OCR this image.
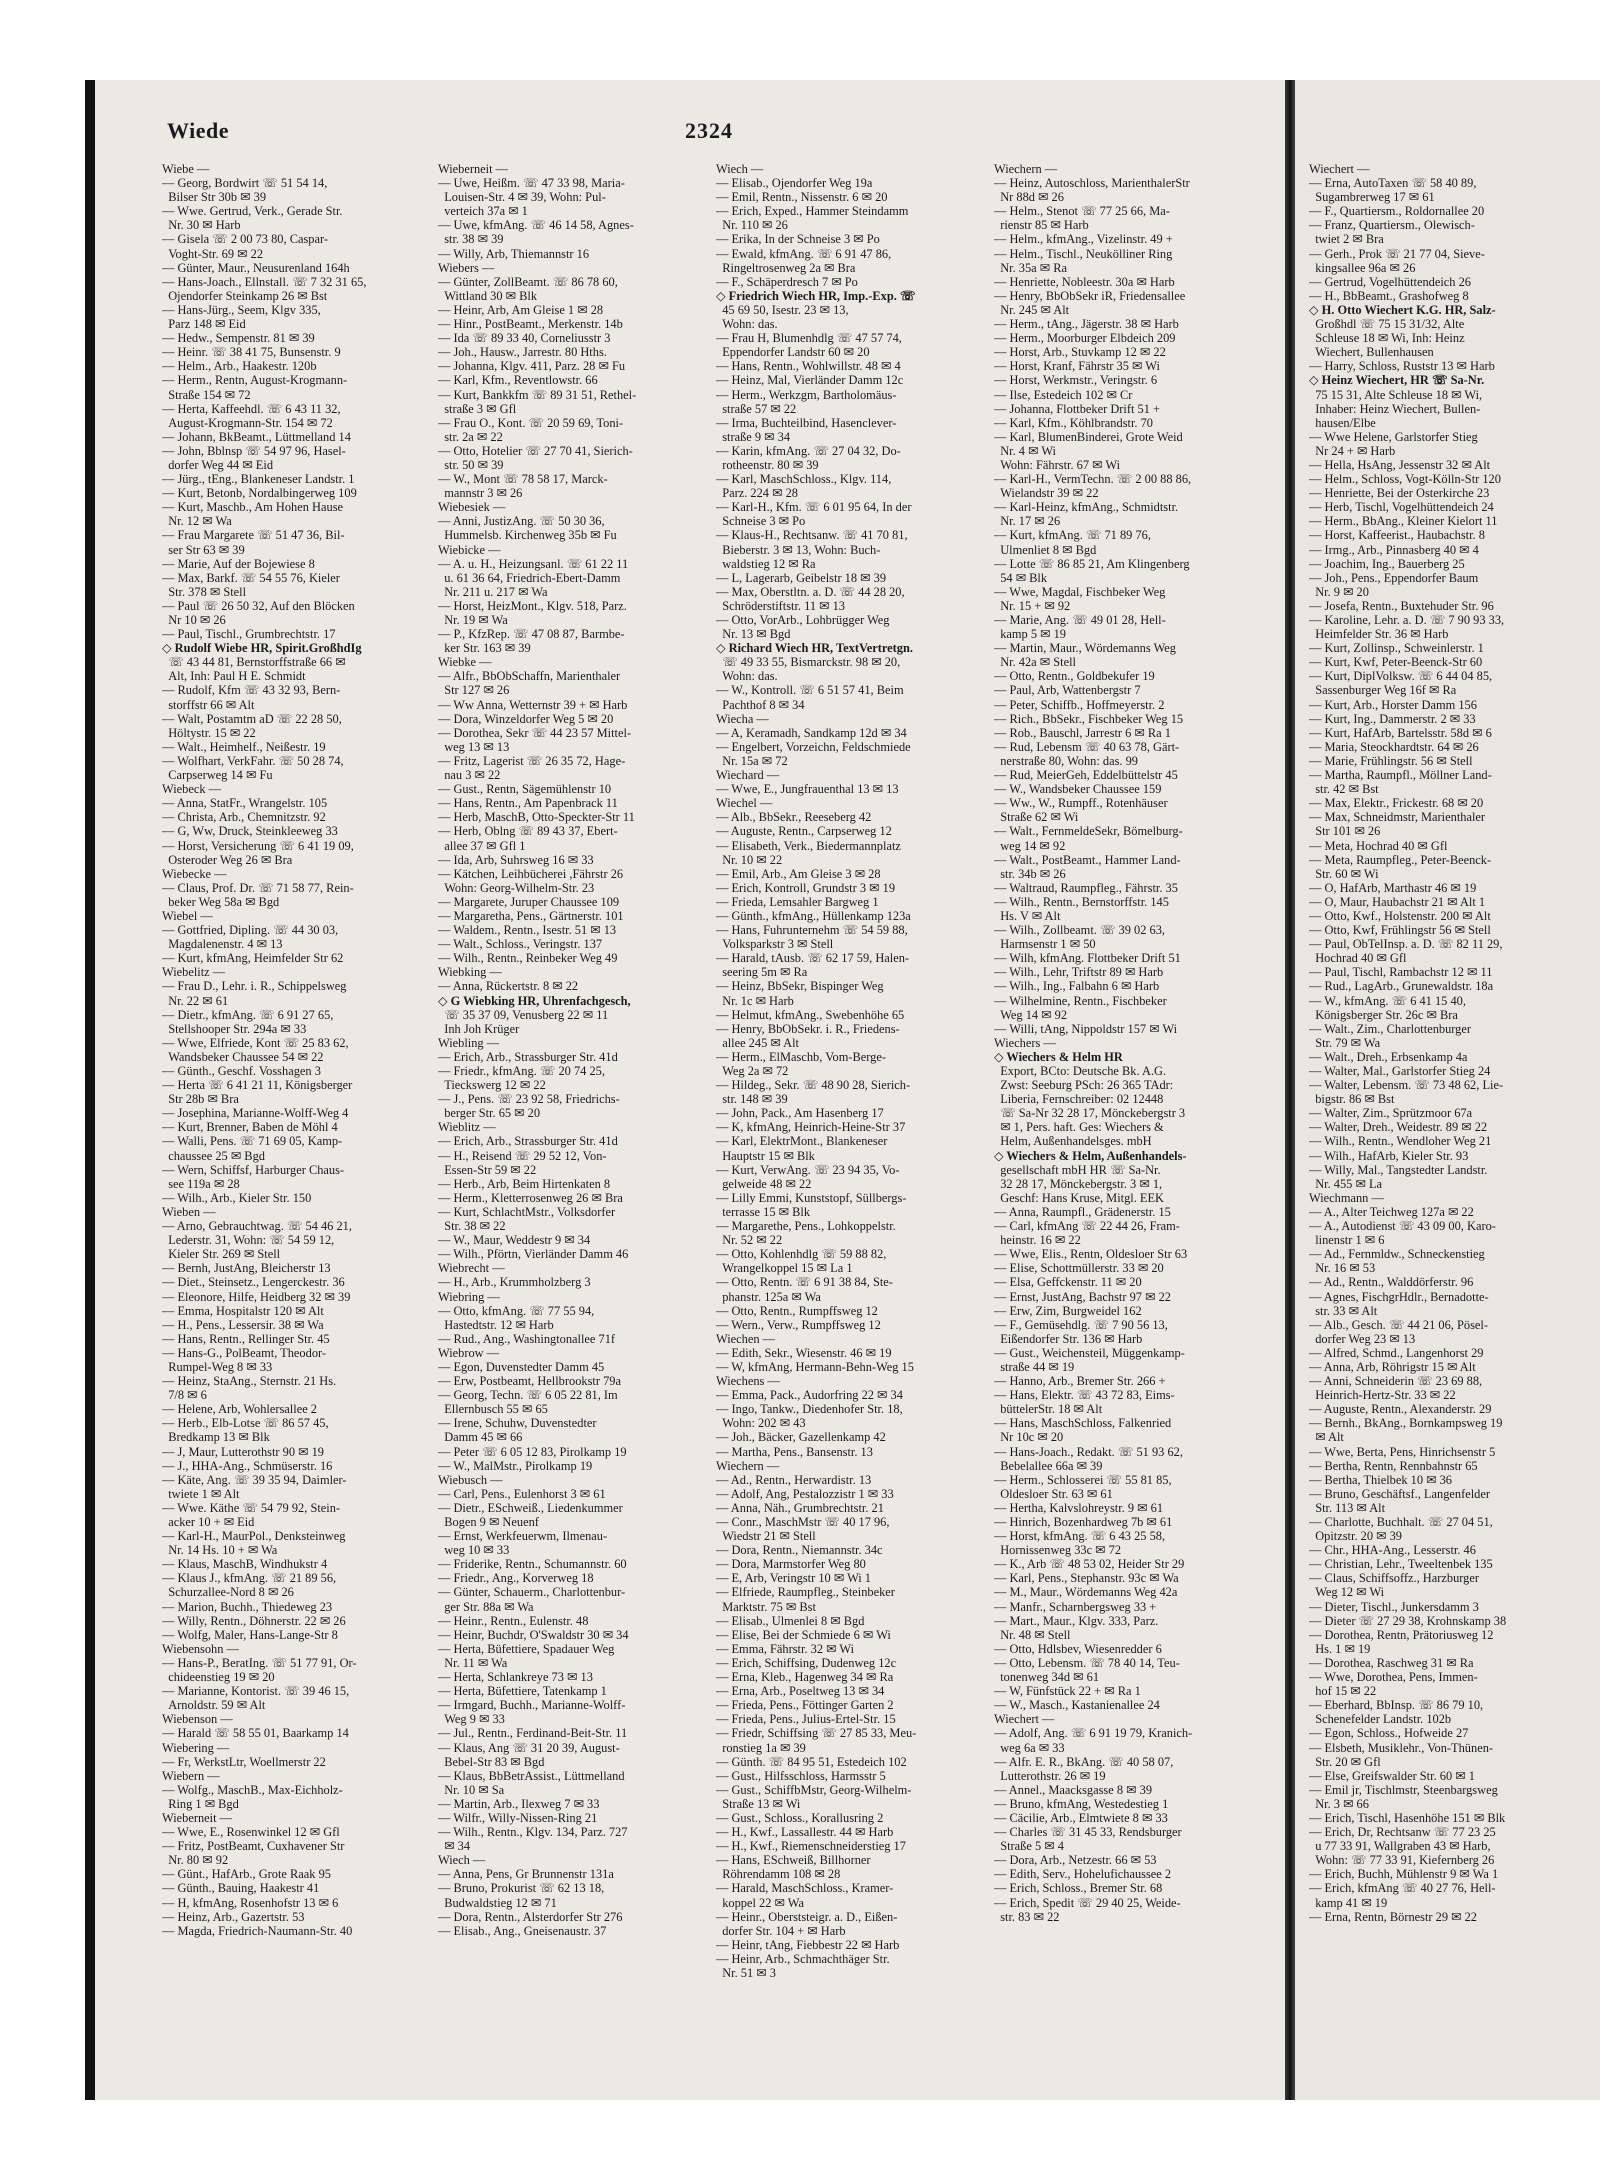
Wiede	2324
Wiebe —
— Georg, Bordwirt ☏ 51 54 14,
Bilser Str 30b ✉ 39
— Wwe. Gertrud, Verk., Gerade Str.
Nr. 30 ✉ Harb
— Gisela ☏ 2 00 73 80, Caspar-
Voght-Str. 69 ✉ 22
— Günter, Maur., Neusurenland 164h
— Hans-Joach., Ellnstall. ☏ 7 32 31 65,
Ojendorfer Steinkamp 26 ✉ Bst
— Hans-Jürg., Seem, Klgv 335,
Parz 148 ✉ Eid
— Hedw., Sempenstr. 81 ✉ 39
— Heinr. ☏ 38 41 75, Bunsenstr. 9
— Helm., Arb., Haakestr. 120b
— Herm., Rentn, August-Krogmann-
Straße 154 ✉ 72
— Herta, Kaffeehdl. ☏ 6 43 11 32,
August-Krogmann-Str. 154 ✉ 72
— Johann, BkBeamt., Lüttmelland 14
— John, Bblnsp ☏ 54 97 96, Hasel-
dorfer Weg 44 ✉ Eid
— Jürg., tEng., Blankeneser Landstr. 1
— Kurt, Betonb, Nordalbingerweg 109
— Kurt, Maschb., Am Hohen Hause
Nr. 12 ✉ Wa
— Frau Margarete ☏ 51 47 36, Bil-
ser Str 63 ✉ 39
— Marie, Auf der Bojewiese 8
— Max, Barkf. ☏ 54 55 76, Kieler
Str. 378 ✉ Stell
— Paul ☏ 26 50 32, Auf den Blöcken
Nr 10 ✉ 26
— Paul, Tischl., Grumbrechtstr. 17
◇ Rudolf Wiebe HR, Spirit.GroßhdIg
☏ 43 44 81, Bernstorffstraße 66 ✉
Alt, Inh: Paul H E. Schmidt
— Rudolf, Kfm ☏ 43 32 93, Bern-
storffstr 66 ✉ Alt
— Walt, Postamtm aD ☏ 22 28 50,
Höltystr. 15 ✉ 22
— Walt., Heimhelf., Neißestr. 19
— Wolfhart, VerkFahr. ☏ 50 28 74,
Carpserweg 14 ✉ Fu
Wiebeck —
— Anna, StatFr., Wrangelstr. 105
— Christa, Arb., Chemnitzstr. 92
— G, Ww, Druck, Steinkleeweg 33
— Horst, Versicherung ☏ 6 41 19 09,
Osteroder Weg 26 ✉ Bra
Wiebecke —
— Claus, Prof. Dr. ☏ 71 58 77, Rein-
beker Weg 58a ✉ Bgd
Wiebel —
— Gottfried, Dipling. ☏ 44 30 03,
Magdalenenstr. 4 ✉ 13
— Kurt, kfmAng, Heimfelder Str 62
Wiebelitz —
— Frau D., Lehr. i. R., Schippelsweg
Nr. 22 ✉ 61
— Dietr., kfmAng. ☏ 6 91 27 65,
Stellshooper Str. 294a ✉ 33
— Wwe, Elfriede, Kont ☏ 25 83 62,
Wandsbeker Chaussee 54 ✉ 22
— Günth., Geschf. Vosshagen 3
— Herta ☏ 6 41 21 11, Königsberger
Str 28b ✉ Bra
— Josephina, Marianne-Wolff-Weg 4
— Kurt, Brenner, Baben de Möhl 4
— Walli, Pens. ☏ 71 69 05, Kamp-
chaussee 25 ✉ Bgd
— Wern, Schiffsf, Harburger Chaus-
see 119a ✉ 28
— Wilh., Arb., Kieler Str. 150
Wieben —
— Arno, Gebrauchtwag. ☏ 54 46 21,
Lederstr. 31, Wohn: ☏ 54 59 12,
Kieler Str. 269 ✉ Stell
— Bernh, JustAng, Bleicherstr 13
— Diet., Steinsetz., Lengerckestr. 36
— Eleonore, Hilfe, Heidberg 32 ✉ 39
— Emma, Hospitalstr 120 ✉ Alt
— H., Pens., Lessersir. 38 ✉ Wa
— Hans, Rentn., Rellinger Str. 45
— Hans-G., PolBeamt, Theodor-
Rumpel-Weg 8 ✉ 33
— Heinz, StaAng., Sternstr. 21 Hs.
7/8 ✉ 6
— Helene, Arb, Wohlersallee 2
— Herb., Elb-Lotse ☏ 86 57 45,
Bredkamp 13 ✉ Blk
— J, Maur, Lutterothstr 90 ✉ 19
— J., HHA-Ang., Schmüserstr. 16
— Käte, Ang. ☏ 39 35 94, Daimler-
twiete 1 ✉ Alt
— Wwe. Käthe ☏ 54 79 92, Stein-
acker 10 + ✉ Eid
— Karl-H., MaurPol., Denksteinweg
Nr. 14 Hs. 10 + ✉ Wa
— Klaus, MaschB, Windhukstr 4
— Klaus J., kfmAng. ☏ 21 89 56,
Schurzallee-Nord 8 ✉ 26
— Marion, Buchh., Thiedeweg 23
— Willy, Rentn., Döhnerstr. 22 ✉ 26
— Wolfg, Maler, Hans-Lange-Str 8
Wiebensohn —
— Hans-P., BeratIng. ☏ 51 77 91, Or-
chideenstieg 19 ✉ 20
— Marianne, Kontorist. ☏ 39 46 15,
Arnoldstr. 59 ✉ Alt
Wiebenson —
— Harald ☏ 58 55 01, Baarkamp 14
Wiebering —
— Fr, WerkstLtr, Woellmerstr 22
Wiebern —
— Wolfg., MaschB., Max-Eichholz-
Ring 1 ✉ Bgd
Wieberneit —
— Wwe, E., Rosenwinkel 12 ✉ Gfl
— Fritz, PostBeamt, Cuxhavener Str
Nr. 80 ✉ 92
— Günt., HafArb., Grote Raak 95
— Günth., Bauing, Haakestr 41
— H, kfmAng, Rosenhofstr 13 ✉ 6
— Heinz, Arb., Gazertstr. 53
— Magda, Friedrich-Naumann-Str. 40
Wieberneit —
— Uwe, Heißm. ☏ 47 33 98, Maria-
Louisen-Str. 4 ✉ 39, Wohn: Pul-
verteich 37a ✉ 1
— Uwe, kfmAng. ☏ 46 14 58, Agnes-
str. 38 ✉ 39
— Willy, Arb, Thiemannstr 16
Wiebers —
— Günter, ZollBeamt. ☏ 86 78 60,
Wittland 30 ✉ Blk
— Heinr, Arb, Am Gleise 1 ✉ 28
— Hinr., PostBeamt., Merkenstr. 14b
— Ida ☏ 89 33 40, Corneliusstr 3
— Joh., Hausw., Jarrestr. 80 Hths.
— Johanna, Klgv. 411, Parz. 28 ✉ Fu
— Karl, Kfm., Reventlowstr. 66
— Kurt, Bankkfm ☏ 89 31 51, Rethel-
straße 3 ✉ Gfl
— Frau O., Kont. ☏ 20 59 69, Toni-
str. 2a ✉ 22
— Otto, Hotelier ☏ 27 70 41, Sierich-
str. 50 ✉ 39
— W., Mont ☏ 78 58 17, Marck-
mannstr 3 ✉ 26
Wiebesiek —
— Anni, JustizAng. ☏ 50 30 36,
Hummelsb. Kirchenweg 35b ✉ Fu
Wiebicke —
— A. u. H., Heizungsanl. ☏ 61 22 11
u. 61 36 64, Friedrich-Ebert-Damm
Nr. 211 u. 217 ✉ Wa
— Horst, HeizMont., Klgv. 518, Parz.
Nr. 19 ✉ Wa
— P., KfzRep. ☏ 47 08 87, Barmbe-
ker Str. 163 ✉ 39
Wiebke —
— Alfr., BbObSchaffn, Marienthaler
Str 127 ✉ 26
— Ww Anna, Wetternstr 39 + ✉ Harb
— Dora, Winzeldorfer Weg 5 ✉ 20
— Dorothea, Sekr ☏ 44 23 57 Mittel-
weg 13 ✉ 13
— Fritz, Lagerist ☏ 26 35 72, Hage-
nau 3 ✉ 22
— Gust., Rentn, Sägemühlenstr 10
— Hans, Rentn., Am Papenbrack 11
— Herb, MaschB, Otto-Speckter-Str 11
— Herb, Oblng ☏ 89 43 37, Ebert-
allee 37 ✉ Gfl 1
— Ida, Arb, Suhrsweg 16 ✉ 33
— Kätchen, Leihbücherei ,Fährstr 26
Wohn: Georg-Wilhelm-Str. 23
— Margarete, Juruper Chaussee 109
— Margaretha, Pens., Gärtnerstr. 101
— Waldem., Rentn., Isestr. 51 ✉ 13
— Walt., Schloss., Veringstr. 137
— Wilh., Rentn., Reinbeker Weg 49
Wiebking —
— Anna, Rückertstr. 8 ✉ 22
◇ G Wiebking HR, Uhrenfachgesch,
☏ 35 37 09, Venusberg 22 ✉ 11
Inh Joh Krüger
Wiebling —
— Erich, Arb., Strassburger Str. 41d
— Friedr., kfmAng. ☏ 20 74 25,
Tieckswerg 12 ✉ 22
— J., Pens. ☏ 23 92 58, Friedrichs-
berger Str. 65 ✉ 20
Wieblitz —
— Erich, Arb., Strassburger Str. 41d
— H., Reisend ☏ 29 52 12, Von-
Essen-Str 59 ✉ 22
— Herb., Arb, Beim Hirtenkaten 8
— Herm., Kletterrosenweg 26 ✉ Bra
— Kurt, SchlachtMstr., Volksdorfer
Str. 38 ✉ 22
— W., Maur, Weddestr 9 ✉ 34
— Wilh., Pförtn, Vierländer Damm 46
Wiebrecht —
— H., Arb., Krummholzberg 3
Wiebring —
— Otto, kfmAng. ☏ 77 55 94,
Hastedtstr. 12 ✉ Harb
— Rud., Ang., Washingtonallee 71f
Wiebrow —
— Egon, Duvenstedter Damm 45
— Erw, Postbeamt, Hellbrookstr 79a
— Georg, Techn. ☏ 6 05 22 81, Im
Ellernbusch 55 ✉ 65
— Irene, Schuhw, Duvenstedter
Damm 45 ✉ 66
— Peter ☏ 6 05 12 83, Pirolkamp 19
— W., MalMstr., Pirolkamp 19
Wiebusch —
— Carl, Pens., Eulenhorst 3 ✉ 61
— Dietr., ESchweiß., Liedenkummer
Bogen 9 ✉ Neuenf
— Ernst, Werkfeuerwm, Ilmenau-
weg 10 ✉ 33
— Friderike, Rentn., Schumannstr. 60
— Friedr., Ang., Korverweg 18
— Günter, Schauerm., Charlottenbur-
ger Str. 88a ✉ Wa
— Heinr., Rentn., Eulenstr. 48
— Heinr, Buchdr, O'Swaldstr 30 ✉ 34
— Herta, Büfettiere, Spadauer Weg
Nr. 11 ✉ Wa
— Herta, Schlankreye 73 ✉ 13
— Herta, Büfettiere, Tatenkamp 1
— Irmgard, Buchh., Marianne-Wolff-
Weg 9 ✉ 33
— Jul., Rentn., Ferdinand-Beit-Str. 11
— Klaus, Ang ☏ 31 20 39, August-
Bebel-Str 83 ✉ Bgd
— Klaus, BbBetrAssist., Lüttmelland
Nr. 10 ✉ Sa
— Martin, Arb., Ilexweg 7 ✉ 33
— Wilfr., Willy-Nissen-Ring 21
— Wilh., Rentn., Klgv. 134, Parz. 727
✉ 34
Wiech —
— Anna, Pens, Gr Brunnenstr 131a
— Bruno, Prokurist ☏ 62 13 18,
Budwaldstieg 12 ✉ 71
— Dora, Rentn., Alsterdorfer Str 276
— Elisab., Ang., Gneisenaustr. 37
Wiech —
— Elisab., Ojendorfer Weg 19a
— Emil, Rentn., Nissenstr. 6 ✉ 20
— Erich, Exped., Hammer Steindamm
Nr. 110 ✉ 26
— Erika, In der Schneise 3 ✉ Po
— Ewald, kfmAng. ☏ 6 91 47 86,
Ringeltrosenweg 2a ✉ Bra
— F., Schäperdresch 7 ✉ Po
◇ Friedrich Wiech HR, Imp.-Exp. ☏
45 69 50, Isestr. 23 ✉ 13,
Wohn: das.
— Frau H, Blumenhdlg ☏ 47 57 74,
Eppendorfer Landstr 60 ✉ 20
— Hans, Rentn., Wohlwillstr. 48 ✉ 4
— Heinz, Mal, Vierländer Damm 12c
— Herm., Werkzgm, Bartholomäus-
straße 57 ✉ 22
— Irma, Buchteilbind, Hasenclever-
straße 9 ✉ 34
— Karin, kfmAng. ☏ 27 04 32, Do-
rotheenstr. 80 ✉ 39
— Karl, MaschSchloss., Klgv. 114,
Parz. 224 ✉ 28
— Karl-H., Kfm. ☏ 6 01 95 64, In der
Schneise 3 ✉ Po
— Klaus-H., Rechtsanw. ☏ 41 70 81,
Bieberstr. 3 ✉ 13, Wohn: Buch-
waldstieg 12 ✉ Ra
— L, Lagerarb, Geibelstr 18 ✉ 39
— Max, Oberstltn. a. D. ☏ 44 28 20,
Schröderstiftstr. 11 ✉ 13
— Otto, VorArb., Lohbrügger Weg
Nr. 13 ✉ Bgd
◇ Richard Wiech HR, TextVertretgn.
☏ 49 33 55, Bismarckstr. 98 ✉ 20,
Wohn: das.
— W., Kontroll. ☏ 6 51 57 41, Beim
Pachthof 8 ✉ 34
Wiecha —
— A, Keramadh, Sandkamp 12d ✉ 34
— Engelbert, Vorzeichn, Feldschmiede
Nr. 15a ✉ 72
Wiechard —
— Wwe, E., Jungfrauenthal 13 ✉ 13
Wiechel —
— Alb., BbSekr., Reeseberg 42
— Auguste, Rentn., Carpserweg 12
— Elisabeth, Verk., Biedermannplatz
Nr. 10 ✉ 22
— Emil, Arb., Am Gleise 3 ✉ 28
— Erich, Kontroll, Grundstr 3 ✉ 19
— Frieda, Lemsahler Bargweg 1
— Günth., kfmAng., Hüllenkamp 123a
— Hans, Fuhrunternehm ☏ 54 59 88,
Volksparkstr 3 ✉ Stell
— Harald, tAusb. ☏ 62 17 59, Halen-
seering 5m ✉ Ra
— Heinz, BbSekr, Bispinger Weg
Nr. 1c ✉ Harb
— Helmut, kfmAng., Swebenhöhe 65
— Henry, BbObSekr. i. R., Friedens-
allee 245 ✉ Alt
— Herm., ElMaschb, Vom-Berge-
Weg 2a ✉ 72
— Hildeg., Sekr. ☏ 48 90 28, Sierich-
str. 148 ✉ 39
— John, Pack., Am Hasenberg 17
— K, kfmAng, Heinrich-Heine-Str 37
— Karl, ElektrMont., Blankeneser
Hauptstr 15 ✉ Blk
— Kurt, VerwAng. ☏ 23 94 35, Vo-
gelweide 48 ✉ 22
— Lilly Emmi, Kunststopf, Süllbergs-
terrasse 15 ✉ Blk
— Margarethe, Pens., Lohkoppelstr.
Nr. 52 ✉ 22
— Otto, Kohlenhdlg ☏ 59 88 82,
Wrangelkoppel 15 ✉ La 1
— Otto, Rentn. ☏ 6 91 38 84, Ste-
phanstr. 125a ✉ Wa
— Otto, Rentn., Rumpffsweg 12
— Wern., Verw., Rumpffsweg 12
Wiechen —
— Edith, Sekr., Wiesenstr. 46 ✉ 19
— W, kfmAng, Hermann-Behn-Weg 15
Wiechens —
— Emma, Pack., Audorfring 22 ✉ 34
— Ingo, Tankw., Diedenhofer Str. 18,
Wohn: 202 ✉ 43
— Joh., Bäcker, Gazellenkamp 42
— Martha, Pens., Bansenstr. 13
Wiechern —
— Ad., Rentn., Herwardistr. 13
— Adolf, Ang, Pestalozzistr 1 ✉ 33
— Anna, Näh., Grumbrechtstr. 21
— Conr., MaschMstr ☏ 40 17 96,
Wiedstr 21 ✉ Stell
— Dora, Rentn., Niemannstr. 34c
— Dora, Marmstorfer Weg 80
— E, Arb, Veringstr 10 ✉ Wi 1
— Elfriede, Raumpfleg., Steinbeker
Marktstr. 75 ✉ Bst
— Elisab., Ulmenlei 8 ✉ Bgd
— Elise, Bei der Schmiede 6 ✉ Wi
— Emma, Fährstr. 32 ✉ Wi
— Erich, Schiffsing, Dudenweg 12c
— Erna, Kleb., Hagenweg 34 ✉ Ra
— Erna, Arb., Poseltweg 13 ✉ 34
— Frieda, Pens., Föttinger Garten 2
— Frieda, Pens., Julius-Ertel-Str. 15
— Friedr, Schiffsing ☏ 27 85 33, Meu-
ronstieg 1a ✉ 39
— Günth. ☏ 84 95 51, Estedeich 102
— Gust., Hilfsschloss, Harmsstr 5
— Gust., SchiffbMstr, Georg-Wilhelm-
Straße 13 ✉ Wi
— Gust., Schloss., Korallusring 2
— H., Kwf., Lassallestr. 44 ✉ Harb
— H., Kwf., Riemenschneiderstieg 17
— Hans, ESchweiß, Billhorner
Röhrendamm 108 ✉ 28
— Harald, MaschSchloss., Kramer-
koppel 22 ✉ Wa
— Heinr., Oberststeigr. a. D., Eißen-
dorfer Str. 104 + ✉ Harb
— Heinr, tAng, Fiebbestr 22 ✉ Harb
— Heinr, Arb., Schmachthäger Str.
Nr. 51 ✉ 3
Wiechern —
— Heinz, Autoschloss, MarienthalerStr
Nr 88d ✉ 26
— Helm., Stenot ☏ 77 25 66, Ma-
rienstr 85 ✉ Harb
— Helm., kfmAng., Vizelinstr. 49 +
— Helm., Tischl., Neukölliner Ring
Nr. 35a ✉ Ra
— Henriette, Nobleestr. 30a ✉ Harb
— Henry, BbObSekr iR, Friedensallee
Nr. 245 ✉ Alt
— Herm., tAng., Jägerstr. 38 ✉ Harb
— Herm., Moorburger Elbdeich 209
— Horst, Arb., Stuvkamp 12 ✉ 22
— Horst, Kranf, Fährstr 35 ✉ Wi
— Horst, Werkmstr., Veringstr. 6
— Ilse, Estedeich 102 ✉ Cr
— Johanna, Flottbeker Drift 51 +
— Karl, Kfm., Köhlbrandstr. 70
— Karl, BlumenBinderei, Grote Weid
Nr. 4 ✉ Wi
Wohn: Fährstr. 67 ✉ Wi
— Karl-H., VermTechn. ☏ 2 00 88 86,
Wielandstr 39 ✉ 22
— Karl-Heinz, kfmAng., Schmidtstr.
Nr. 17 ✉ 26
— Kurt, kfmAng. ☏ 71 89 76,
Ulmenliet 8 ✉ Bgd
— Lotte ☏ 86 85 21, Am Klingenberg
54 ✉ Blk
— Wwe, Magdal, Fischbeker Weg
Nr. 15 + ✉ 92
— Marie, Ang. ☏ 49 01 28, Hell-
kamp 5 ✉ 19
— Martin, Maur., Wördemanns Weg
Nr. 42a ✉ Stell
— Otto, Rentn., Goldbekufer 19
— Paul, Arb, Wattenbergstr 7
— Peter, Schiffb., Hoffmeyerstr. 2
— Rich., BbSekr., Fischbeker Weg 15
— Rob., Bauschl, Jarrestr 6 ✉ Ra 1
— Rud, Lebensm ☏ 40 63 78, Gärt-
nerstraße 80, Wohn: das. 99
— Rud, MeierGeh, Eddelbüttelstr 45
— W., Wandsbeker Chaussee 159
— Ww., W., Rumpff., Rotenhäuser
Straße 62 ✉ Wi
— Walt., FernmeldeSekr, Bömelburg-
weg 14 ✉ 92
— Walt., PostBeamt., Hammer Land-
str. 34b ✉ 26
— Waltraud, Raumpfleg., Fährstr. 35
— Wilh., Rentn., Bernstorffstr. 145
Hs. V ✉ Alt
— Wilh., Zollbeamt. ☏ 39 02 63,
Harmsenstr 1 ✉ 50
— Wilh, kfmAng. Flottbeker Drift 51
— Wilh., Lehr, Triftstr 89 ✉ Harb
— Wilh., Ing., Falbahn 6 ✉ Harb
— Wilhelmine, Rentn., Fischbeker
Weg 14 ✉ 92
— Willi, tAng, Nippoldstr 157 ✉ Wi
Wiechers —
◇ Wiechers & Helm HR
Export, BCto: Deutsche Bk. A.G.
Zwst: Seeburg PSch: 26 365 TAdr:
Liberia, Fernschreiber: 02 12448
☏ Sa-Nr 32 28 17, Mönckebergstr 3
✉ 1, Pers. haft. Ges: Wiechers &
Helm, Außenhandelsges. mbH
◇ Wiechers & Helm, Außenhandels-
gesellschaft mbH HR ☏ Sa-Nr.
32 28 17, Mönckebergstr. 3 ✉ 1,
Geschf: Hans Kruse, Mitgl. EEK
— Anna, Raumpfl., Grädenerstr. 15
— Carl, kfmAng ☏ 22 44 26, Fram-
heinstr. 16 ✉ 22
— Wwe, Elis., Rentn, Oldesloer Str 63
— Elise, Schottmüllerstr. 33 ✉ 20
— Elsa, Geffckenstr. 11 ✉ 20
— Ernst, JustAng, Bachstr 97 ✉ 22
— Erw, Zim, Burgweidel 162
— F., Gemüsehdlg. ☏ 7 90 56 13,
Eißendorfer Str. 136 ✉ Harb
— Gust., Weichensteil, Müggenkamp-
straße 44 ✉ 19
— Hanno, Arb., Bremer Str. 266 +
— Hans, Elektr. ☏ 43 72 83, Eims-
büttelerStr. 18 ✉ Alt
— Hans, MaschSchloss, Falkenried
Nr 10c ✉ 20
— Hans-Joach., Redakt. ☏ 51 93 62,
Bebelallee 66a ✉ 39
— Herm., Schlosserei ☏ 55 81 85,
Oldesloer Str. 63 ✉ 61
— Hertha, Kalvslohreystr. 9 ✉ 61
— Hinrich, Bozenhardweg 7b ✉ 61
— Horst, kfmAng. ☏ 6 43 25 58,
Hornissenweg 33c ✉ 72
— K., Arb ☏ 48 53 02, Heider Str 29
— Karl, Pens., Stephanstr. 93c ✉ Wa
— M., Maur., Wördemanns Weg 42a
— Manfr., Scharnbergsweg 33 +
— Mart., Maur., Klgv. 333, Parz.
Nr. 48 ✉ Stell
— Otto, Hdlsbev, Wiesenredder 6
— Otto, Lebensm. ☏ 78 40 14, Teu-
tonenweg 34d ✉ 61
— W, Fünfstück 22 + ✉ Ra 1
— W., Masch., Kastanienallee 24
Wiechert —
— Adolf, Ang. ☏ 6 91 19 79, Kranich-
weg 6a ✉ 33
— Alfr. E. R., BkAng. ☏ 40 58 07,
Lutterothstr. 26 ✉ 19
— Annel., Maacksgasse 8 ✉ 39
— Bruno, kfmAng, Westedestieg 1
— Cäcilie, Arb., Elmtwiete 8 ✉ 33
— Charles ☏ 31 45 33, Rendsburger
Straße 5 ✉ 4
— Dora, Arb., Netzestr. 66 ✉ 53
— Edith, Serv., Hohelufichaussee 2
— Erich, Schloss., Bremer Str. 68
— Erich, Spedit ☏ 29 40 25, Weide-
str. 83 ✉ 22
Wiechert —
— Erna, AutoTaxen ☏ 58 40 89,
Sugambrerweg 17 ✉ 61
— F., Quartiersm., Roldornallee 20
— Franz, Quartiersm., Olewisch-
twiet 2 ✉ Bra
— Gerh., Prok ☏ 21 77 04, Sieve-
kingsallee 96a ✉ 26
— Gertrud, Vogelhüttendeich 26
— H., BbBeamt., Grashofweg 8
◇ H. Otto Wiechert K.G. HR, Salz-
Großhdl ☏ 75 15 31/32, Alte
Schleuse 18 ✉ Wi, Inh: Heinz
Wiechert, Bullenhausen
— Harry, Schloss, Ruststr 13 ✉ Harb
◇ Heinz Wiechert, HR ☏ Sa-Nr.
75 15 31, Alte Schleuse 18 ✉ Wi,
Inhaber: Heinz Wiechert, Bullen-
hausen/Elbe
— Wwe Helene, Garlstorfer Stieg
Nr 24 + ✉ Harb
— Hella, HsAng, Jessenstr 32 ✉ Alt
— Helm., Schloss, Vogt-Kölln-Str 120
— Henriette, Bei der Osterkirche 23
— Herb, Tischl, Vogelhüttendeich 24
— Herm., BbAng., Kleiner Kielort 11
— Horst, Kaffeerist., Haubachstr. 8
— Irmg., Arb., Pinnasberg 40 ✉ 4
— Joachim, Ing., Bauerberg 25
— Joh., Pens., Eppendorfer Baum
Nr. 9 ✉ 20
— Josefa, Rentn., Buxtehuder Str. 96
— Karoline, Lehr. a. D. ☏ 7 90 93 33,
Heimfelder Str. 36 ✉ Harb
— Kurt, Zollinsp., Schweinlerstr. 1
— Kurt, Kwf, Peter-Beenck-Str 60
— Kurt, DiplVolksw. ☏ 6 44 04 85,
Sassenburger Weg 16f ✉ Ra
— Kurt, Arb., Horster Damm 156
— Kurt, Ing., Dammerstr. 2 ✉ 33
— Kurt, HafArb, Bartelsstr. 58d ✉ 6
— Maria, Steockhardtstr. 64 ✉ 26
— Marie, Frühlingstr. 56 ✉ Stell
— Martha, Raumpfl., Möllner Land-
str. 42 ✉ Bst
— Max, Elektr., Frickestr. 68 ✉ 20
— Max, Schneidmstr, Marienthaler
Str 101 ✉ 26
— Meta, Hochrad 40 ✉ Gfl
— Meta, Raumpfleg., Peter-Beenck-
Str. 60 ✉ Wi
— O, HafArb, Marthastr 46 ✉ 19
— O, Maur, Haubachstr 21 ✉ Alt 1
— Otto, Kwf., Holstenstr. 200 ✉ Alt
— Otto, Kwf, Frühlingstr 56 ✉ Stell
— Paul, ObTelInsp. a. D. ☏ 82 11 29,
Hochrad 40 ✉ Gfl
— Paul, Tischl, Rambachstr 12 ✉ 11
— Rud., LagArb., Grunewaldstr. 18a
— W., kfmAng. ☏ 6 41 15 40,
Königsberger Str. 26c ✉ Bra
— Walt., Zim., Charlottenburger
Str. 79 ✉ Wa
— Walt., Dreh., Erbsenkamp 4a
— Walter, Mal., Garlstorfer Stieg 24
— Walter, Lebensm. ☏ 73 48 62, Lie-
bigstr. 86 ✉ Bst
— Walter, Zim., Sprützmoor 67a
— Walter, Dreh., Weidestr. 89 ✉ 22
— Wilh., Rentn., Wendloher Weg 21
— Wilh., HafArb, Kieler Str. 93
— Willy, Mal., Tangstedter Landstr.
Nr. 455 ✉ La
Wiechmann —
— A., Alter Teichweg 127a ✉ 22
— A., Autodienst ☏ 43 09 00, Karo-
linenstr 1 ✉ 6
— Ad., Fernmldw., Schneckenstieg
Nr. 16 ✉ 53
— Ad., Rentn., Walddörferstr. 96
— Agnes, FischgrHdlr., Bernadotte-
str. 33 ✉ Alt
— Alb., Gesch. ☏ 44 21 06, Pösel-
dorfer Weg 23 ✉ 13
— Alfred, Schmd., Langenhorst 29
— Anna, Arb, Röhrigstr 15 ✉ Alt
— Anni, Schneiderin ☏ 23 69 88,
Heinrich-Hertz-Str. 33 ✉ 22
— Auguste, Rentn., Alexanderstr. 29
— Bernh., BkAng., Bornkampsweg 19
✉ Alt
— Wwe, Berta, Pens, Hinrichsenstr 5
— Bertha, Rentn, Rennbahnstr 65
— Bertha, Thielbek 10 ✉ 36
— Bruno, Geschäftsf., Langenfelder
Str. 113 ✉ Alt
— Charlotte, Buchhalt. ☏ 27 04 51,
Opitzstr. 20 ✉ 39
— Chr., HHA-Ang., Lesserstr. 46
— Christian, Lehr., Tweeltenbek 135
— Claus, Schiffsoffz., Harzburger
Weg 12 ✉ Wi
— Dieter, Tischl., Junkersdamm 3
— Dieter ☏ 27 29 38, Krohnskamp 38
— Dorothea, Rentn, Prätoriusweg 12
Hs. 1 ✉ 19
— Dorothea, Raschweg 31 ✉ Ra
— Wwe, Dorothea, Pens, Immen-
hof 15 ✉ 22
— Eberhard, BbInsp. ☏ 86 79 10,
Schenefelder Landstr. 102b
— Egon, Schloss., Hofweide 27
— Elsbeth, Musiklehr., Von-Thünen-
Str. 20 ✉ Gfl
— Else, Greifswalder Str. 60 ✉ 1
— Emil jr, Tischlmstr, Steenbargsweg
Nr. 3 ✉ 66
— Erich, Tischl, Hasenhöhe 151 ✉ Blk
— Erich, Dr, Rechtsanw ☏ 77 23 25
u 77 33 91, Wallgraben 43 ✉ Harb,
Wohn: ☏ 77 33 91, Kiefernberg 26
— Erich, Buchh, Mühlenstr 9 ✉ Wa 1
— Erich, kfmAng ☏ 40 27 76, Hell-
kamp 41 ✉ 19
— Erna, Rentn, Börnestr 29 ✉ 22
